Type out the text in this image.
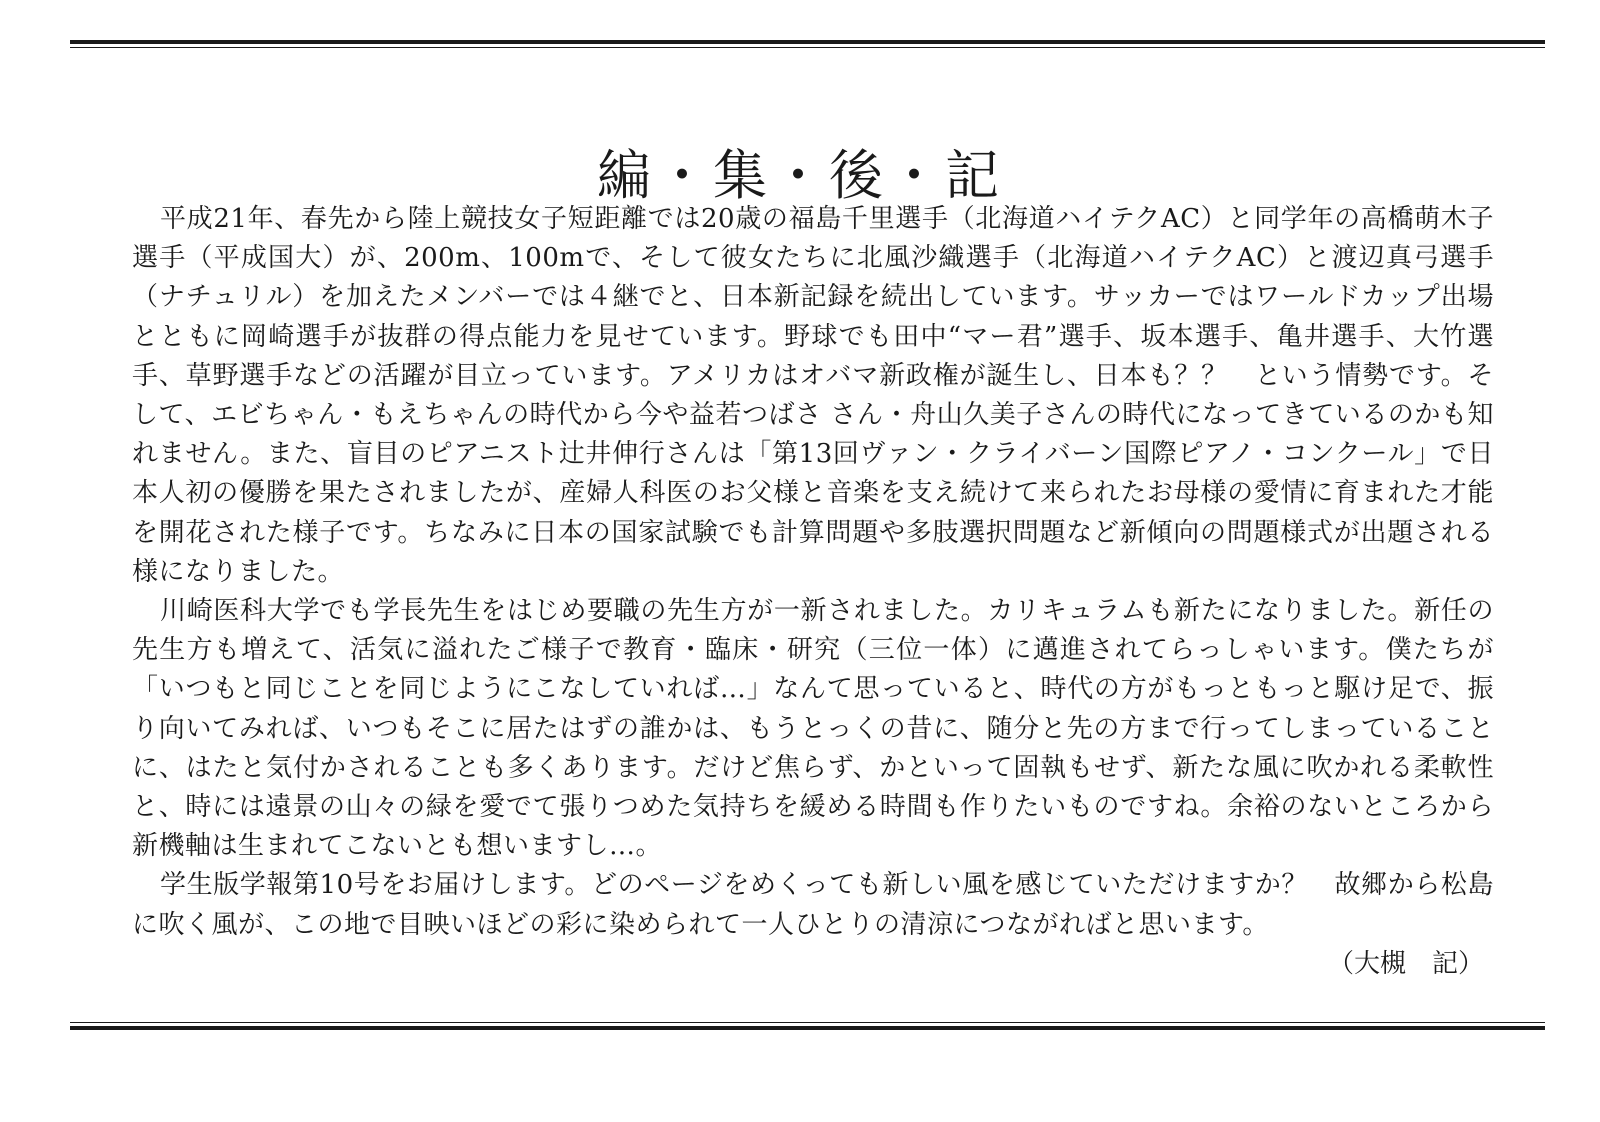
編・集・後・記

平成21年、春先から陸上競技女子短距離では20歳の福島千里選手（北海道ハイテクAC）と同学年の高橋萌木子選手（平成国大）が、200m、100mで、そして彼女たちに北風沙織選手（北海道ハイテクAC）と渡辺真弓選手（ナチュリル）を加えたメンバーでは４継でと、日本新記録を続出しています。サッカーではワールドカップ出場とともに岡崎選手が抜群の得点能力を見せています。野球でも田中“マー君”選手、坂本選手、亀井選手、大竹選手、草野選手などの活躍が目立っています。アメリカはオバマ新政権が誕生し、日本も？？　という情勢です。そして、エビちゃん・もえちゃんの時代から今や益若つばさ さん・舟山久美子さんの時代になってきているのかも知れません。また、盲目のピアニスト辻井伸行さんは「第13回ヴァン・クライバーン国際ピアノ・コンクール」で日本人初の優勝を果たされましたが、産婦人科医のお父様と音楽を支え続けて来られたお母様の愛情に育まれた才能を開花された様子です。ちなみに日本の国家試験でも計算問題や多肢選択問題など新傾向の問題様式が出題される様になりました。

川崎医科大学でも学長先生をはじめ要職の先生方が一新されました。カリキュラムも新たになりました。新任の先生方も増えて、活気に溢れたご様子で教育・臨床・研究（三位一体）に邁進されてらっしゃいます。僕たちが「いつもと同じことを同じようにこなしていれば…」なんて思っていると、時代の方がもっともっと駆け足で、振り向いてみれば、いつもそこに居たはずの誰かは、もうとっくの昔に、随分と先の方まで行ってしまっていることに、はたと気付かされることも多くあります。だけど焦らず、かといって固執もせず、新たな風に吹かれる柔軟性と、時には遠景の山々の緑を愛でて張りつめた気持ちを緩める時間も作りたいものですね。余裕のないところから新機軸は生まれてこないとも想いますし…。

学生版学報第10号をお届けします。どのページをめくっても新しい風を感じていただけますか？　故郷から松島に吹く風が、この地で目映いほどの彩に染められて一人ひとりの清涼につながればと思います。

（大槻　記）
